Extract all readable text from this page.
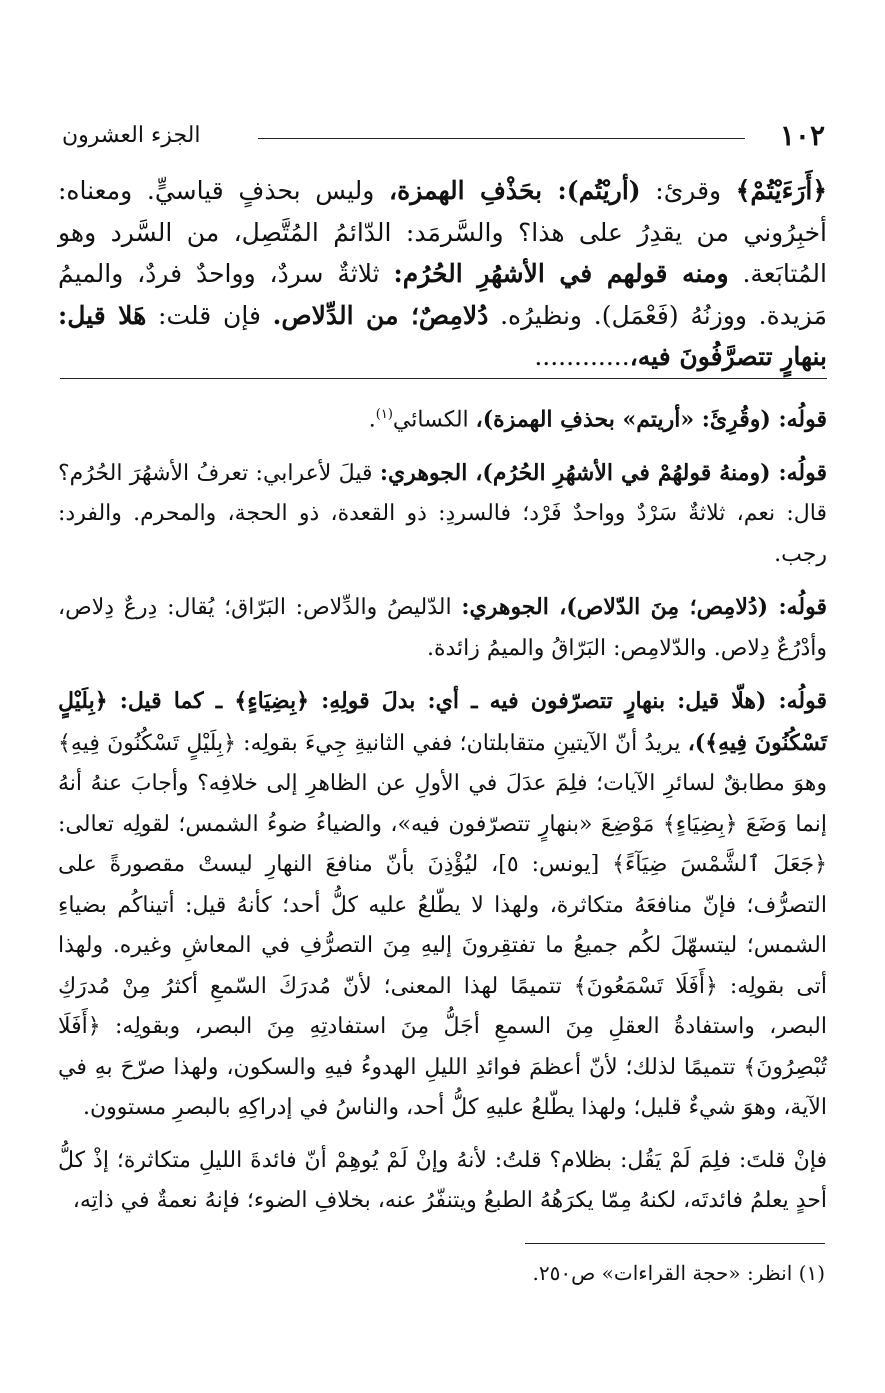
١٠٢
الجزء العشرون

﴿أَرَءَيْتُمْ﴾ وقرئ: (أريْتُم): بحَذْفِ الهمزة، وليس بحذفٍ قياسيٍّ. ومعناه: أخبِرُوني من يقدِرُ على هذا؟ والسَّرمَد: الدّائمُ المُتَّصِل، من السَّرد وهو المُتابَعة. ومنه قولهم في الأشهُرِ الحُرُم: ثلاثةٌ سردٌ، وواحدٌ فردٌ، والميمُ مَزيدة. ووزنُهُ (فَعْمَل). ونظيرُه. دُلامِصٌ؛ من الدِّلاص. فإن قلت: هَلا قيل: بنهارٍ تتصرَّفُونَ فيه،............

قولُه: (وقُرِئَ: «أريتم» بحذفِ الهمزة)، الكسائي$^{(١)}$.

قولُه: (ومنهُ قولهُمْ في الأشهُرِ الحُرُم)، الجوهري: قيلَ لأعرابي: تعرفُ الأشهُرَ الحُرُم؟ قال: نعم، ثلاثةٌ سَرْدٌ وواحدٌ فَرْد؛ فالسردِ: ذو القعدة، ذو الحجة، والمحرم. والفرد: رجب.

قولُه: (دُلامِص؛ مِنَ الدّلاص)، الجوهري: الدّليصُ والدِّلاص: البَرّاق؛ يُقال: دِرعٌ دِلاص، وأدْرُعٌ دِلاص. والدّلامِص: البَرّاقُ والميمُ زائدة.

قولُه: (هلّا قيل: بنهارٍ تتصرّفون فيه ـ أي: بدلَ قولِهِ: ﴿بِضِيَاءٍ﴾ ـ كما قيل: ﴿بِلَيْلٍ تَسْكُنُونَ فِيهِ﴾)، يريدُ أنّ الآيتينِ متقابلتان؛ ففي الثانيةِ جِيءَ بقولِه: ﴿بِلَيْلٍ تَسْكُنُونَ فِيهِ﴾ وهوَ مطابقٌ لسائرِ الآيات؛ فلِمَ عدَلَ في الأولِ عن الظاهرِ إلى خلافِه؟ وأجابَ عنهُ أنهُ إنما وَضَعَ ﴿بِضِيَاءٍ﴾ مَوْضِعَ «بنهارٍ تتصرّفون فيه»، والضياءُ ضوءُ الشمس؛ لقولِه تعالى: ﴿جَعَلَ ٱلشَّمْسَ ضِيَآءً﴾ [يونس: ٥]، ليُؤْذِنَ بأنّ منافعَ النهارِ ليستْ مقصورةً على التصرُّف؛ فإنّ منافعَهُ متكاثرة، ولهذا لا يطّلعُ عليه كلُّ أحد؛ كأنهُ قيل: أتيناكُم بضياءِ الشمس؛ ليتسهّلَ لكُم جميعُ ما تفتقِرونَ إليهِ مِنَ التصرُّفِ في المعاشِ وغيره. ولهذا أتى بقولِه: ﴿أَفَلَا تَسْمَعُونَ﴾ تتميمًا لهذا المعنى؛ لأنّ مُدرَكَ السّمعِ أكثرُ مِنْ مُدرَكِ البصر، واستفادةُ العقلِ مِنَ السمعِ أجَلُّ مِنَ استفادتِهِ مِنَ البصر، وبقولِه: ﴿أَفَلَا تُبْصِرُونَ﴾ تتميمًا لذلك؛ لأنّ أعظمَ فوائدِ الليلِ الهدوءُ فيهِ والسكون، ولهذا صرّحَ بهِ في الآية، وهوَ شيءٌ قليل؛ ولهذا يطّلعُ عليهِ كلُّ أحد، والناسُ في إدراكِهِ بالبصرِ مستوون.

فإنْ قلتَ: فلِمَ لَمْ يَقُل: بظلام؟ قلتُ: لأنهُ وإنْ لَمْ يُوهِمْ أنّ فائدةَ الليلِ متكاثرة؛ إذْ كلُّ أحدٍ يعلمُ فائدتَه، لكنهُ مِمّا يكرَهُهُ الطبعُ ويتنفّرُ عنه، بخلافِ الضوء؛ فإنهُ نعمةٌ في ذاتِه،

(١) انظر: «حجة القراءات» ص٢٥٠.
